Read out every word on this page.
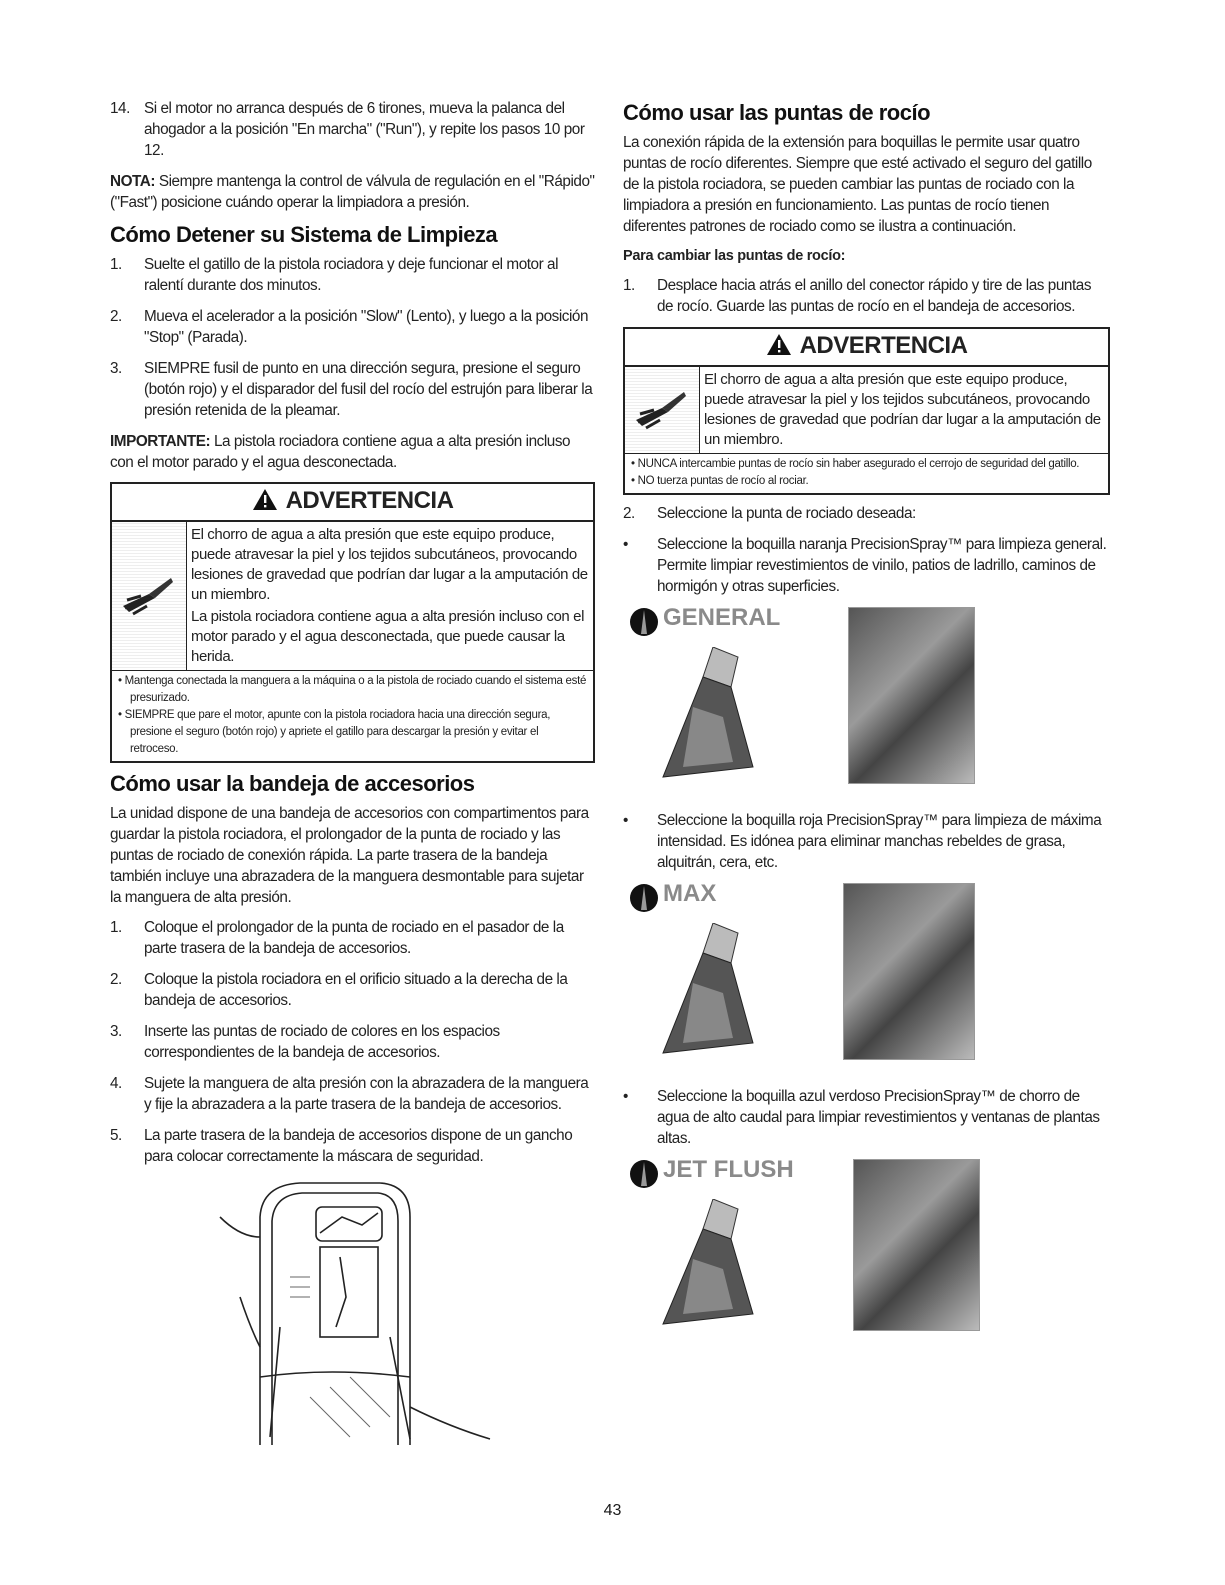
14. Si el motor no arranca después de 6 tirones, mueva la palanca del ahogador a la posición "En marcha" ("Run"), y repite los pasos 10 por 12.

NOTA: Siempre mantenga la control de válvula de regulación en el "Rápido" ("Fast") posicione cuándo operar la limpiadora a presión.

Cómo Detener su Sistema de Limpieza
1.	Suelte el gatillo de la pistola rociadora y deje funcionar el motor al ralentí durante dos minutos.
2.	Mueva el acelerador a la posición "Slow" (Lento), y luego a la posición "Stop" (Parada).
3.	SIEMPRE fusil de punto en una dirección segura, presione el seguro (botón rojo) y el disparador del fusil del rocío del estrujón para liberar la presión retenida de la pleamar.

IMPORTANTE: La pistola rociadora contiene agua a alta presión incluso con el motor parado y el agua desconectada.

ADVERTENCIA
El chorro de agua a alta presión que este equipo produce, puede atravesar la piel y los tejidos subcutáneos, provocando lesiones de gravedad que podrían dar lugar a la amputación de un miembro.
La pistola rociadora contiene agua a alta presión incluso con el motor parado y el agua desconectada, que puede causar la herida.
• Mantenga conectada la manguera a la máquina o a la pistola de rociado cuando el sistema esté presurizado.
• SIEMPRE que pare el motor, apunte con la pistola rociadora hacia una dirección segura, presione el seguro (botón rojo) y apriete el gatillo para descargar la presión y evitar el retroceso.
Cómo usar la bandeja de accesorios

La unidad dispone de una bandeja de accesorios con compartimentos para guardar la pistola rociadora, el prolongador de la punta de rociado y las puntas de rociado de conexión rápida. La parte trasera de la bandeja también incluye una abrazadera de la manguera desmontable para sujetar la manguera de alta presión.

1.	Coloque el prolongador de la punta de rociado en el pasador de la parte trasera de la bandeja de accesorios.
2.	Coloque la pistola rociadora en el orificio situado a la derecha de la bandeja de accesorios.
3.	Inserte las puntas de rociado de colores en los espacios correspondientes de la bandeja de accesorios.
4.	Sujete la manguera de alta presión con la abrazadera de la manguera y fije la abrazadera a la parte trasera de la bandeja de accesorios.
5.	La parte trasera de la bandeja de accesorios dispone de un gancho para colocar correctamente la máscara de seguridad.
Cómo usar las puntas de rocío

La conexión rápida de la extensión para boquillas le permite usar quatro puntas de rocío diferentes. Siempre que esté activado el seguro del gatillo de la pistola rociadora, se pueden cambiar las puntas de rociado con la limpiadora a presión en funcionamiento. Las puntas de rocío tienen diferentes patrones de rociado como se ilustra a continuación.

Para cambiar las puntas de rocío:
1.	Desplace hacia atrás el anillo del conector rápido y tire de las puntas de rocío. Guarde las puntas de rocío en el bandeja de accesorios.
ADVERTENCIA
El chorro de agua a alta presión que este equipo produce, puede atravesar la piel y los tejidos subcutáneos, provocando lesiones de gravedad que podrían dar lugar a la amputación de un miembro.
• NUNCA intercambie puntas de rocío sin haber asegurado el cerrojo de seguridad del gatillo.
• NO tuerza puntas de rocío al rociar.
2.	Seleccione la punta de rociado deseada:
•	Seleccione la boquilla naranja PrecisionSpray™ para limpieza general. Permite limpiar revestimientos de vinilo, patios de ladrillo, caminos de hormigón y otras superficies.
GENERAL
•	Seleccione la boquilla roja PrecisionSpray™ para limpieza de máxima intensidad. Es idónea para eliminar manchas rebeldes de grasa, alquitrán, cera, etc.
MAX
•	Seleccione la boquilla azul verdoso PrecisionSpray™ de chorro de agua de alto caudal para limpiar revestimientos y ventanas de plantas altas.
JET FLUSH
43
